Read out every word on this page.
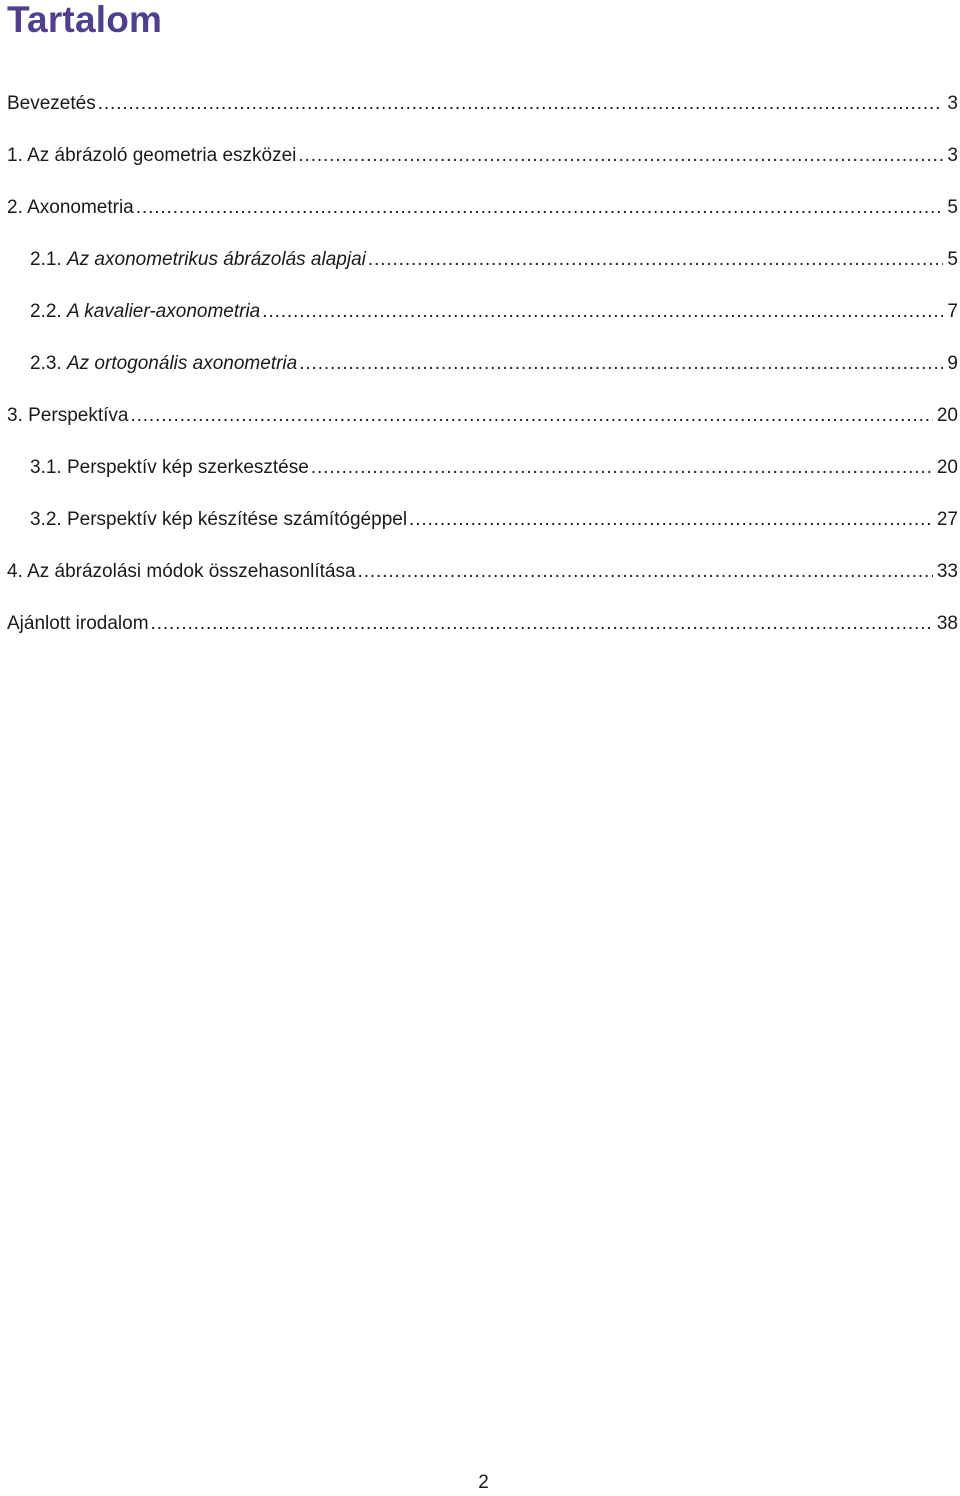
Tartalom
Bevezetés . . .	3
1. Az ábrázoló geometria eszközei . . .	3
2. Axonometria . . .	5
2.1. Az axonometrikus ábrázolás alapjai . . .	5
2.2. A kavalier-axonometria . . .	7
2.3. Az ortogonális axonometria . . .	9
3. Perspektíva . . .	20
3.1. Perspektív kép szerkesztése . . .	20
3.2. Perspektív kép készítése számítógéppel . . .	27
4. Az ábrázolási módok összehasonlítása . . .	33
Ajánlott irodalom . . .	38
2
